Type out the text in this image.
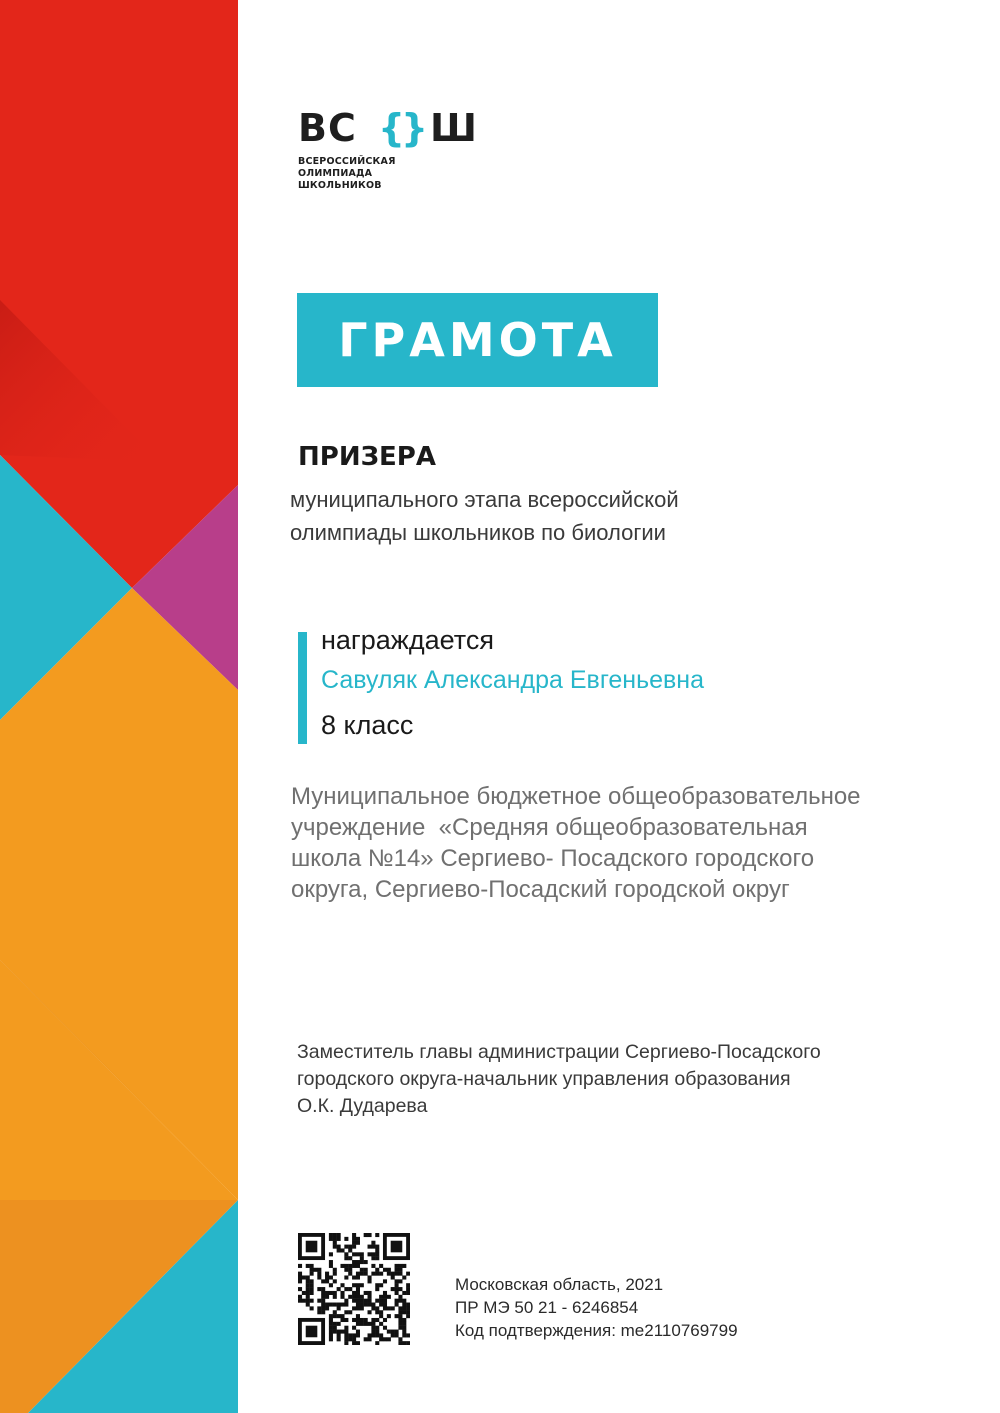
ВС {
} Ш
ВСЕРОССИЙСКАЯ
ОЛИМПИАДА
ШКОЛЬНИКОВ
ГРАМОТА
ПРИЗЕРА
муниципального этапа всероссийской
олимпиады школьников по биологии
награждается
Савуляк Александра Евгеньевна
8 класс
Муниципальное бюджетное общеобразовательное
учреждение  «Средняя общеобразовательная
школа №14» Сергиево- Посадского городского
округа, Сергиево-Посадский городской округ
Заместитель главы администрации Сергиево-Посадского
городского округа-начальник управления образования
О.К. Дударева
Московская область, 2021
ПР МЭ 50 21 - 6246854
Код подтверждения: me2110769799
